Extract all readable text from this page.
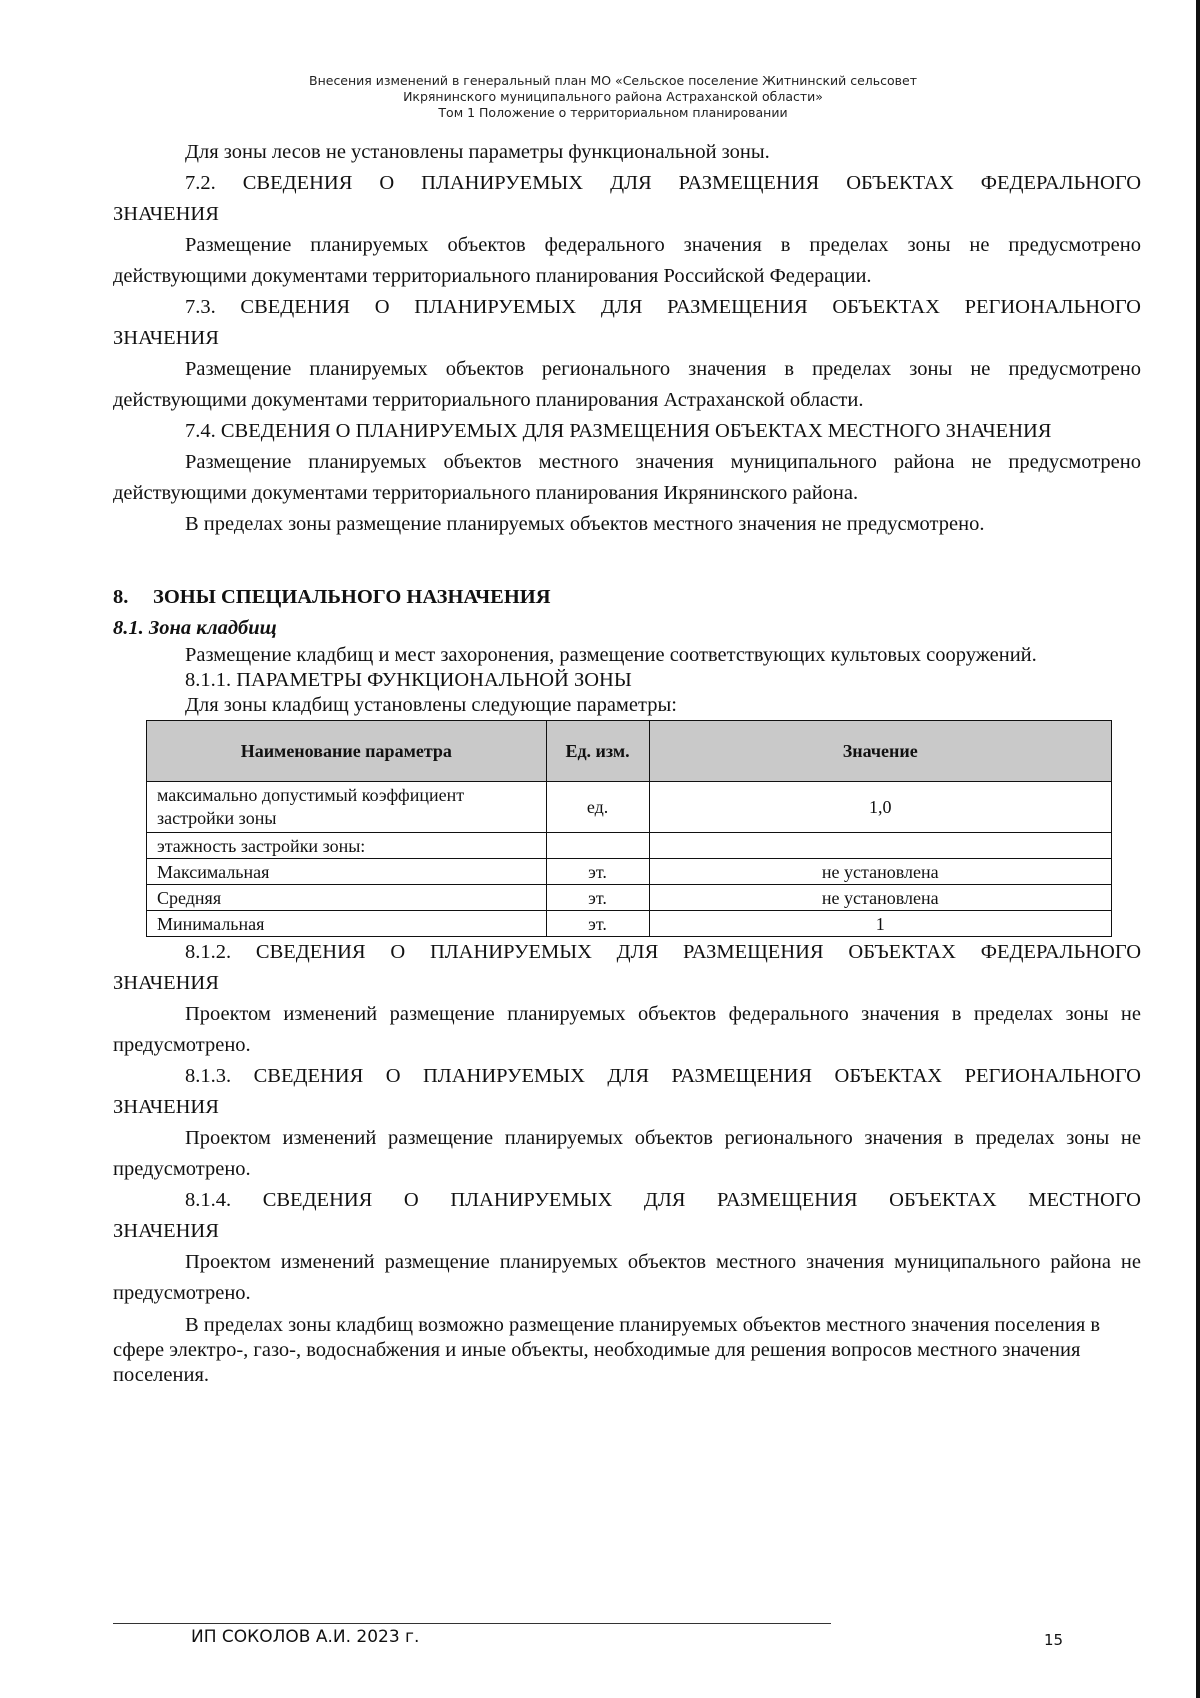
Внесения изменений в генеральный план МО «Сельское поселение Житнинский сельсовет
Икрянинского муниципального района Астраханской области»
Том 1 Положение о территориальном планировании

Для зоны лесов не установлены параметры функциональной зоны.

7.2. СВЕДЕНИЯ О ПЛАНИРУЕМЫХ ДЛЯ РАЗМЕЩЕНИЯ ОБЪЕКТАХ ФЕДЕРАЛЬНОГО

ЗНАЧЕНИЯ

Размещение планируемых объектов федерального значения в пределах зоны не предусмотрено действующими документами территориального планирования Российской Федерации.

7.3. СВЕДЕНИЯ О ПЛАНИРУЕМЫХ ДЛЯ РАЗМЕЩЕНИЯ ОБЪЕКТАХ РЕГИОНАЛЬНОГО

ЗНАЧЕНИЯ

Размещение планируемых объектов регионального значения в пределах зоны не предусмотрено действующими документами территориального планирования Астраханской области.

7.4. СВЕДЕНИЯ О ПЛАНИРУЕМЫХ ДЛЯ РАЗМЕЩЕНИЯ ОБЪЕКТАХ МЕСТНОГО ЗНАЧЕНИЯ

Размещение планируемых объектов местного значения муниципального района не предусмотрено действующими документами территориального планирования Икрянинского района.

В пределах зоны размещение планируемых объектов местного значения не предусмотрено.

8. ЗОНЫ СПЕЦИАЛЬНОГО НАЗНАЧЕНИЯ

8.1. Зона кладбищ

Размещение кладбищ и мест захоронения, размещение соответствующих культовых сооружений.

8.1.1. ПАРАМЕТРЫ ФУНКЦИОНАЛЬНОЙ ЗОНЫ

Для зоны кладбищ установлены следующие параметры:

Наименование параметра	Ед. изм.	Значение
максимально допустимый коэффициент застройки зоны	ед.	1,0
этажность застройки зоны:		
Максимальная	эт.	не установлена
Средняя	эт.	не установлена
Минимальная	эт.	1

8.1.2. СВЕДЕНИЯ О ПЛАНИРУЕМЫХ ДЛЯ РАЗМЕЩЕНИЯ ОБЪЕКТАХ ФЕДЕРАЛЬНОГО

ЗНАЧЕНИЯ

Проектом изменений размещение планируемых объектов федерального значения в пределах зоны не предусмотрено.

8.1.3. СВЕДЕНИЯ О ПЛАНИРУЕМЫХ ДЛЯ РАЗМЕЩЕНИЯ ОБЪЕКТАХ РЕГИОНАЛЬНОГО

ЗНАЧЕНИЯ

Проектом изменений размещение планируемых объектов регионального значения в пределах зоны не предусмотрено.

8.1.4. СВЕДЕНИЯ О ПЛАНИРУЕМЫХ ДЛЯ РАЗМЕЩЕНИЯ ОБЪЕКТАХ МЕСТНОГО

ЗНАЧЕНИЯ

Проектом изменений размещение планируемых объектов местного значения муниципального района не предусмотрено.

В пределах зоны кладбищ возможно размещение планируемых объектов местного значения поселения в сфере электро-, газо-, водоснабжения и иные объекты, необходимые для решения вопросов местного значения поселения.

ИП СОКОЛОВ А.И. 2023 г.	15
